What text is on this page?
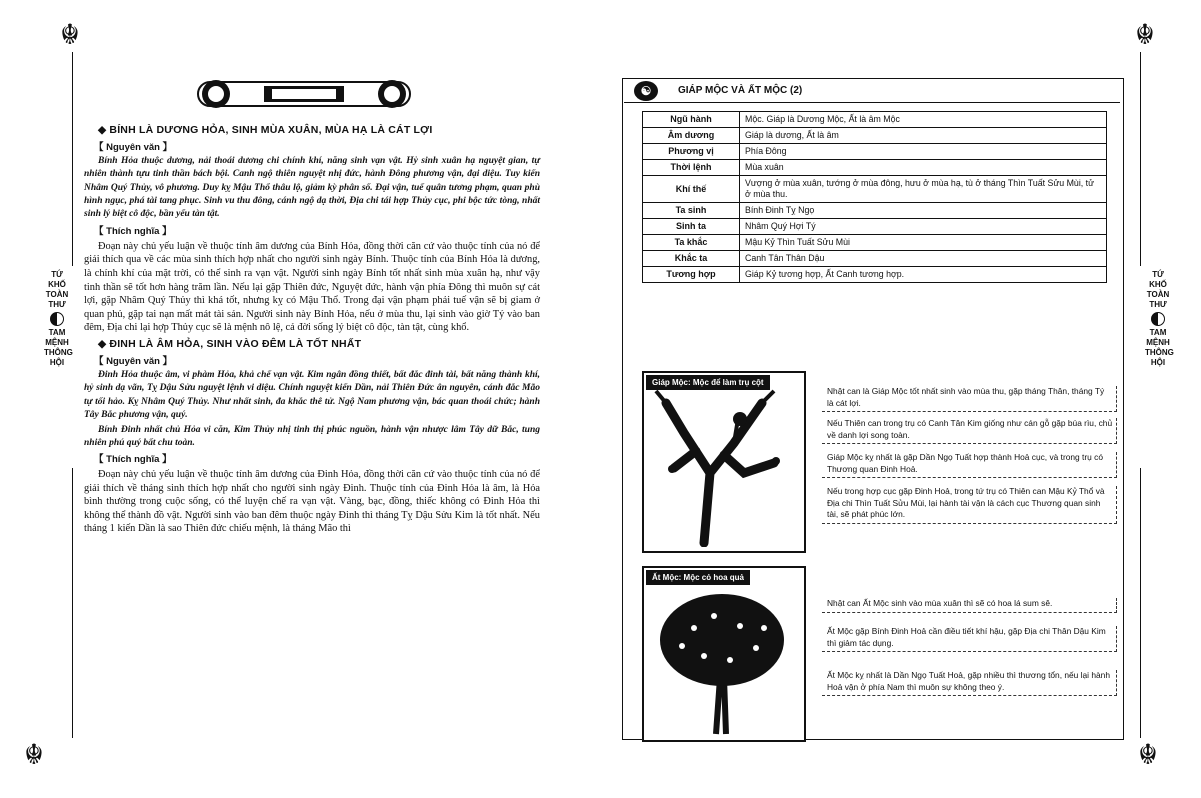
☬
☬
TỨ
KHỐ
TOÀN
THƯ
TAM
MỆNH
THÔNG
HỘI

◆ BÍNH LÀ DƯƠNG HỎA, SINH MÙA XUÂN, MÙA HẠ LÀ CÁT LỢI

【 Nguyên văn 】

Bính Hỏa thuộc dương, nải thoái dương chi chính khí, năng sinh vạn vật. Hỷ sinh xuân hạ nguyệt gian, tự nhiên thành tựu tinh thần bách bội. Canh ngộ thiên nguyệt nhị đức, hành Đông phương vận, đại diệu. Tuy kiến Nhâm Quý Thủy, vô phương. Duy kỵ Mậu Thổ thâu lộ, giảm kỳ phân số. Đại vận, tuế quân tương phạm, quan phù hình ngục, phá tài tang phục. Sinh vu thu đông, cánh ngộ dạ thời, Địa chi tái hợp Thủy cục, phi bộc tức tòng, nhất sinh lý biệt cô độc, bần yểu tàn tật.

【 Thích nghĩa 】

Đoạn này chủ yếu luận về thuộc tính âm dương của Bính Hỏa, đồng thời căn cứ vào thuộc tính của nó để giải thích qua về các mùa sinh thích hợp nhất cho người sinh ngày Bính. Thuộc tính của Bính Hỏa là dương, là chính khí của mặt trời, có thể sinh ra vạn vật. Người sinh ngày Bính tốt nhất sinh mùa xuân hạ, như vậy tinh thần sẽ tốt hơn hàng trăm lần. Nếu lại gặp Thiên đức, Nguyệt đức, hành vận phía Đông thì muôn sự cát lợi, gặp Nhâm Quý Thủy thì khá tốt, nhưng kỵ có Mậu Thổ. Trong đại vận phạm phải tuế vận sẽ bị giam ở quan phủ, gặp tai nạn mất mát tài sản. Người sinh này Bính Hỏa, nếu ở mùa thu, lại sinh vào giờ Tý vào ban đêm, Địa chi lại hợp Thủy cục sẽ là mệnh nô lệ, cả đời sống lý biệt cô độc, tàn tật, cùng khổ.

◆ ĐINH LÀ ÂM HỎA, SINH VÀO ĐÊM LÀ TỐT NHẤT

【 Nguyên văn 】

Đinh Hỏa thuộc âm, vi phàm Hỏa, khả chế vạn vật. Kim ngân đồng thiết, bất đắc đinh tài, bất năng thành khí, hỷ sinh dạ vãn, Tỵ Dậu Sửu nguyệt lệnh vi diệu. Chính nguyệt kiến Dần, nải Thiên Đức ân nguyên, cánh đắc Mão tự tối hảo. Kỵ Nhâm Quý Thủy. Như nhất sinh, đa khắc thê tử. Ngộ Nam phương vận, bác quan thoái chức; hành Tây Bắc phương vận, quý.

Bính Đinh nhất chủ Hỏa vi căn, Kim Thủy nhị tinh thị phúc nguồn, hành vận nhược lâm Tây dữ Bắc, tung nhiên phú quý bất chu toàn.

【 Thích nghĩa 】

Đoạn này chủ yếu luận về thuộc tính âm dương của Đinh Hỏa, đồng thời căn cứ vào thuộc tính của nó để giải thích về tháng sinh thích hợp nhất cho người sinh ngày Đinh. Thuộc tính của Đinh Hỏa là âm, là Hỏa bình thường trong cuộc sống, có thể luyện chế ra vạn vật. Vàng, bạc, đồng, thiếc không có Đinh Hỏa thì không thể thành đồ vật. Người sinh vào ban đêm thuộc ngày Đinh thì tháng Tỵ Dậu Sửu Kim là tốt nhất. Nếu tháng 1 kiến Dần là sao Thiên đức chiếu mệnh, là tháng Mão thì

☬
☬
TỨ
KHỐ
TOÀN
THƯ
TAM
MỆNH
THÔNG
HỘI
☯	GIÁP MỘC VÀ ẤT MỘC (2)
Ngũ hành	Mộc. Giáp là Dương Mộc, Ất là âm Mộc
Âm dương	Giáp là dương, Ất là âm
Phương vị	Phía Đông
Thời lệnh	Mùa xuân
Khí thế	Vượng ở mùa xuân, tướng ở mùa đông, hưu ở mùa hạ, tù ở tháng Thìn Tuất Sửu Mùi, tử ở mùa thu.
Ta sinh	Bính Đinh Tỵ Ngọ
Sinh ta	Nhâm Quý Hợi Tý
Ta khắc	Mậu Kỷ Thìn Tuất Sửu Mùi
Khắc ta	Canh Tân Thân Dậu
Tương hợp	Giáp Kỷ tương hợp, Ất Canh tương hợp.
Giáp Mộc: Mộc để làm trụ cột
Ất Mộc: Mộc cỏ hoa quả
Nhật can là Giáp Mộc tốt nhất sinh vào mùa thu, gặp tháng Thân, tháng Tý là cát lợi.
Nếu Thiên can trong trụ có Canh Tân Kim giống như cán gỗ gặp búa rìu, chủ về danh lợi song toàn.
Giáp Mộc kỵ nhất là gặp Dần Ngọ Tuất hợp thành Hoả cục, và trong trụ có Thương quan Đinh Hoả.
Nếu trong hợp cục gặp Đinh Hoả, trong tứ trụ có Thiên can Mậu Kỷ Thổ và Địa chi Thìn Tuất Sửu Mùi, lại hành tài vận là cách cục Thương quan sinh tài, sẽ phát phúc lớn.
Nhật can Ất Mộc sinh vào mùa xuân thì sẽ có hoa lá sum sê.
Ất Mộc gặp Bính Đinh Hoả cần điều tiết khí hậu, gặp Địa chi Thân Dậu Kim thì giảm tác dụng.
Ất Mộc kỵ nhất là Dần Ngọ Tuất Hoả, gặp nhiều thì thương tổn, nếu lại hành Hoả vận ở phía Nam thì muôn sự không theo ý.
